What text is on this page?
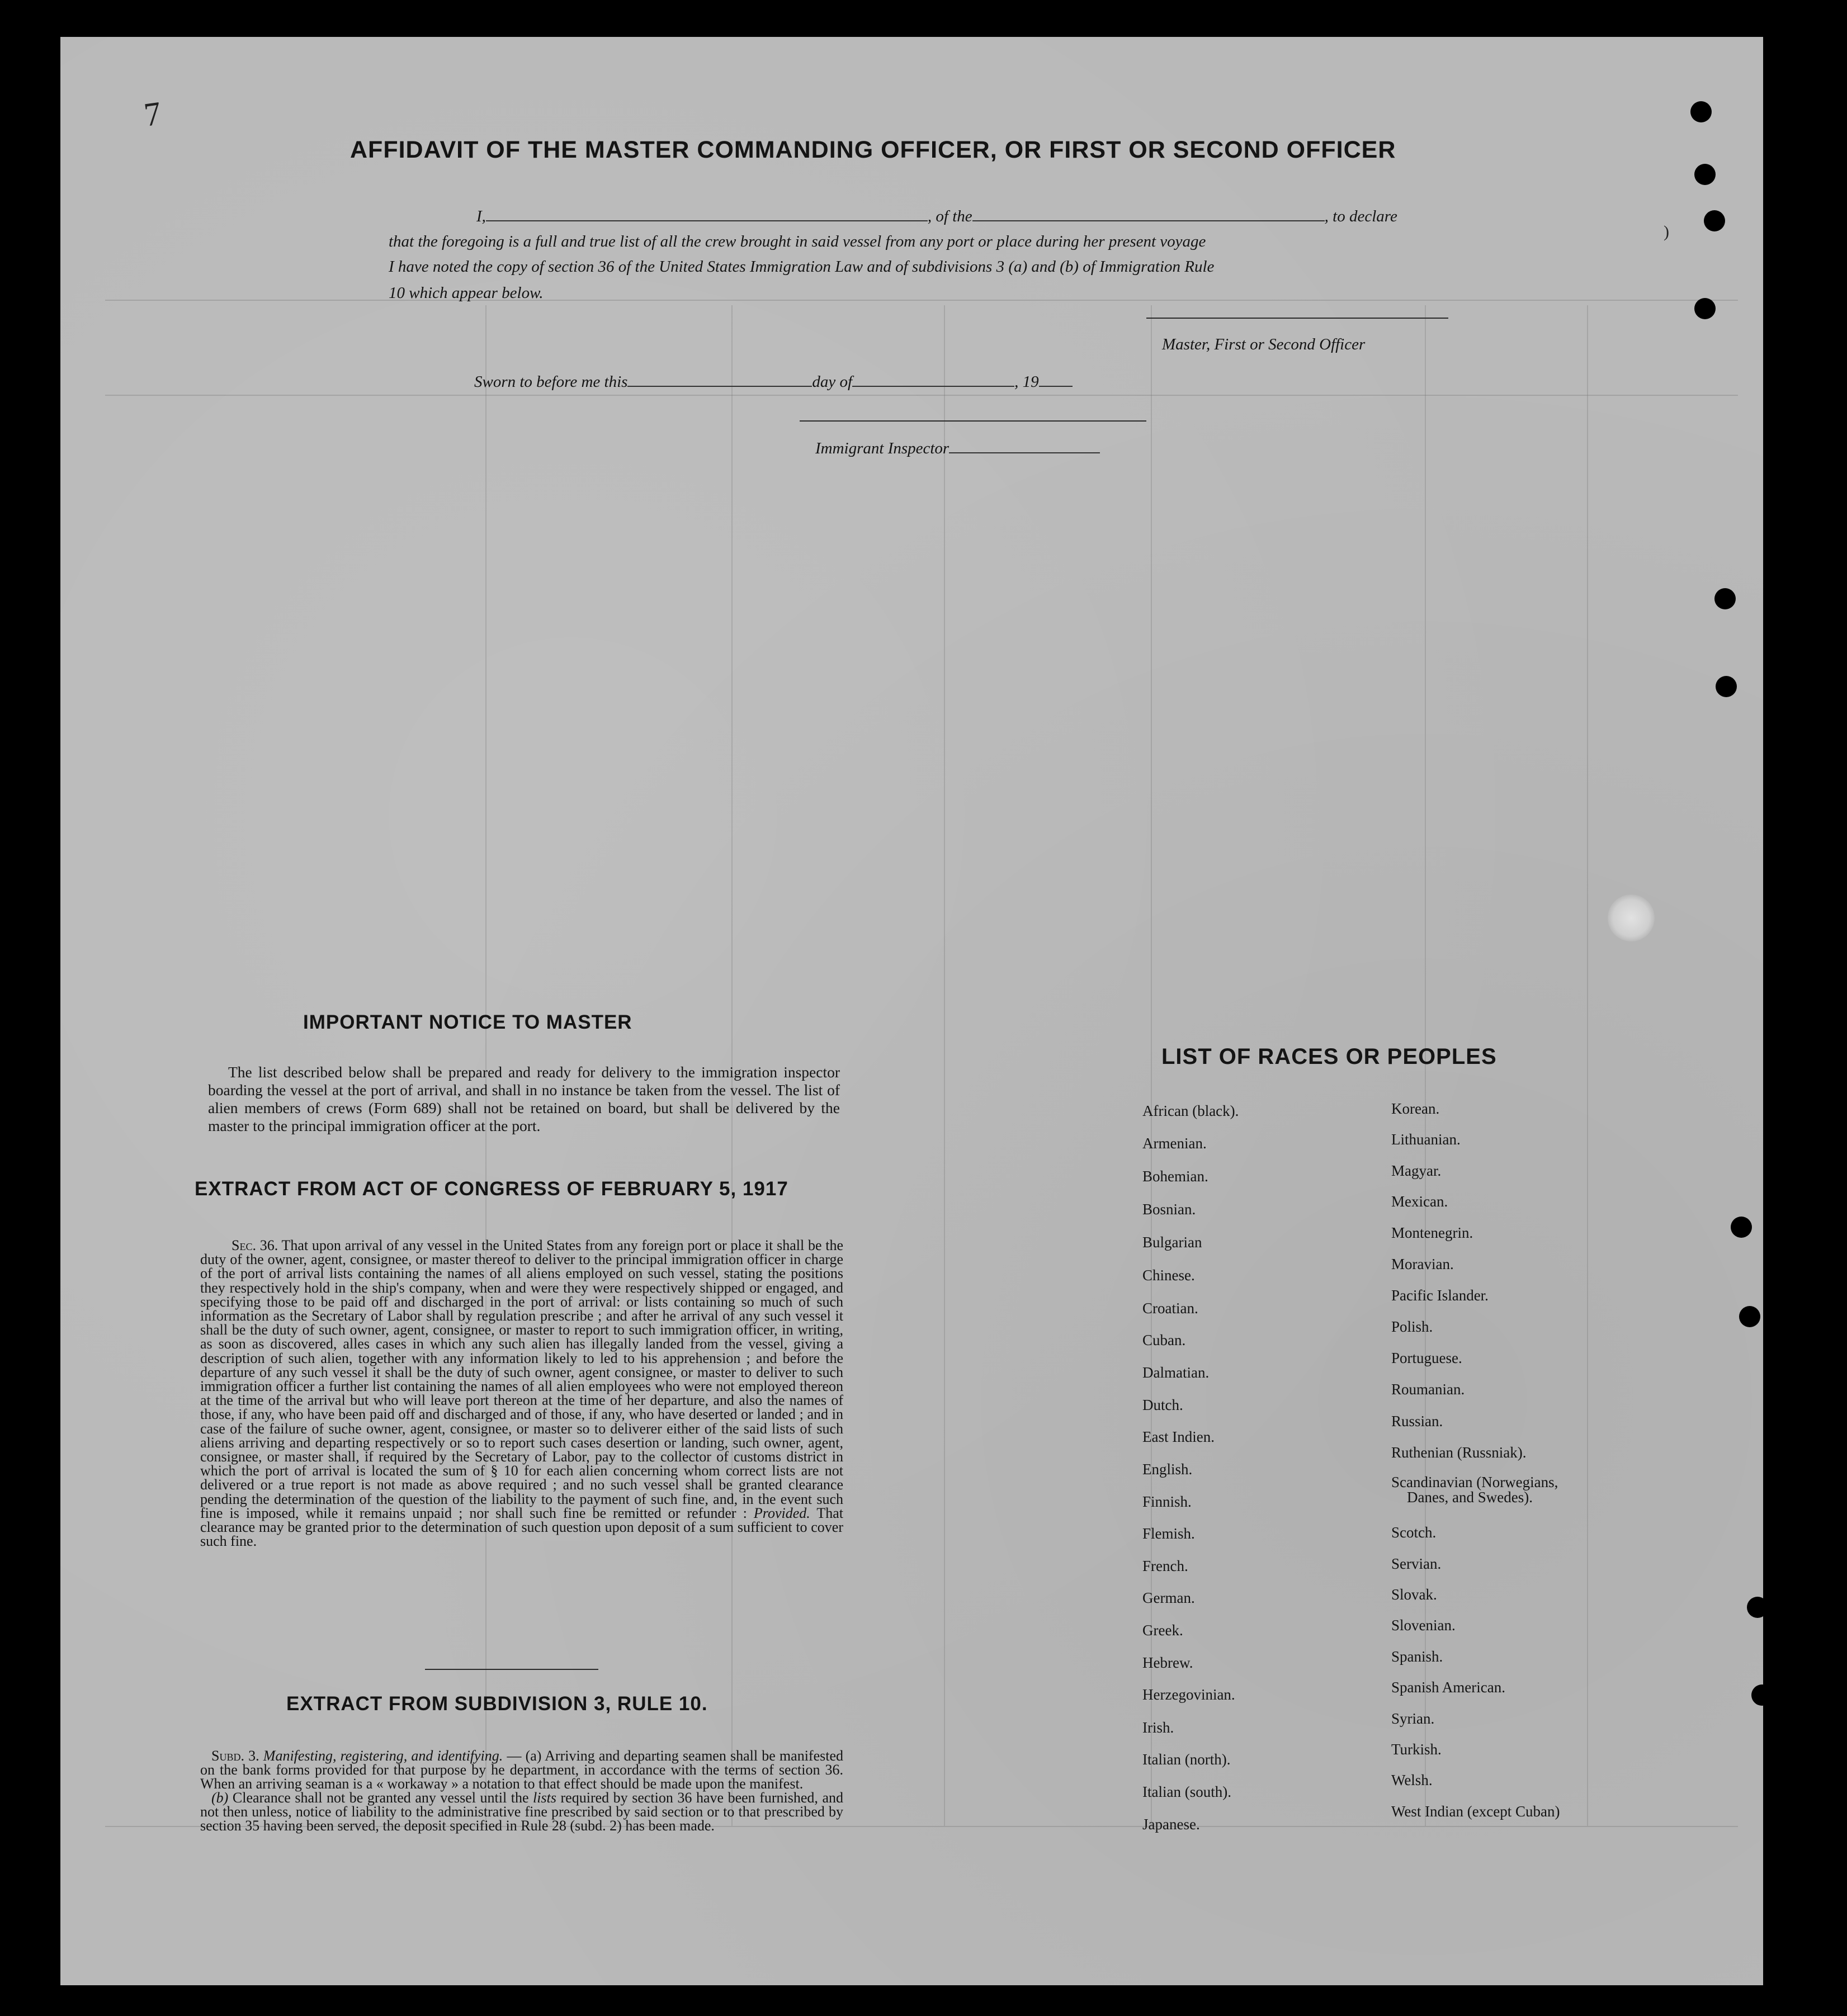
7
)
AFFIDAVIT OF THE MASTER COMMANDING OFFICER, OR FIRST OR SECOND OFFICER
I,	, of the	, to declare
that the foregoing is a full and true list of all the crew brought in said vessel from any port or place during her present voyage
I have noted the copy of section 36 of the United States Immigration Law and of subdivisions 3 (a) and (b) of Immigration Rule
10 which appear below.
Master, First or Second Officer
Sworn to before me this	day of	, 19
Immigrant Inspector
IMPORTANT NOTICE TO MASTER
The list described below shall be prepared and ready for delivery to the immigration inspector boarding the vessel at the port of arrival, and shall in no instance be taken from the vessel. The list of alien members of crews (Form 689) shall not be retained on board, but shall be delivered by the master to the principal immigration officer at the port.
EXTRACT FROM ACT OF CONGRESS OF FEBRUARY 5, 1917
Sec. 36. That upon arrival of any vessel in the United States from any foreign port or place it shall be the duty of the owner, agent, consignee, or master thereof to deliver to the principal immigration officer in charge of the port of arrival lists containing the names of all aliens employed on such vessel, stating the positions they respectively hold in the ship's company, when and were they were respectively shipped or engaged, and specifying those to be paid off and discharged in the port of arrival: or lists containing so much of such information as the Secretary of Labor shall by regulation prescribe ; and after he arrival of any such vessel it shall be the duty of such owner, agent, consignee, or master to report to such immigration officer, in writing, as soon as discovered, alles cases in which any such alien has illegally landed from the vessel, giving a description of such alien, together with any information likely to led to his apprehension ; and before the departure of any such vessel it shall be the duty of such owner, agent consignee, or master to deliver to such immigration officer a further list containing the names of all alien employees who were not employed thereon at the time of the arrival but who will leave port thereon at the time of her departure, and also the names of those, if any, who have been paid off and discharged and of those, if any, who have deserted or landed ; and in case of the failure of suche owner, agent, consignee, or master so to deliverer either of the said lists of such aliens arriving and departing respectively or so to report such cases desertion or landing, such owner, agent, consignee, or master shall, if required by the Secretary of Labor, pay to the collector of customs district in which the port of arrival is located the sum of § 10 for each alien concerning whom correct lists are not delivered or a true report is not made as above required ; and no such vessel shall be granted clearance pending the determination of the question of the liability to the payment of such fine, and, in the event such fine is imposed, while it remains unpaid ; nor shall such fine be remitted or refunder : Provided. That clearance may be granted prior to the determination of such question upon deposit of a sum sufficient to cover such fine.
EXTRACT FROM SUBDIVISION 3, RULE 10.

Subd. 3. Manifesting, registering, and identifying. — (a) Arriving and departing seamen shall be manifested on the bank forms provided for that purpose by he department, in accordance with the terms of section 36. When an arriving seaman is a « workaway » a notation to that effect should be made upon the manifest.

(b) Clearance shall not be granted any vessel until the lists required by section 36 have been furnished, and not then unless, notice of liability to the administrative fine prescribed by said section or to that prescribed by section 35 having been served, the deposit specified in Rule 28 (subd. 2) has been made.

LIST OF RACES OR PEOPLES
African (black).
Armenian.
Bohemian.
Bosnian.
Bulgarian
Chinese.
Croatian.
Cuban.
Dalmatian.
Dutch.
East Indien.
English.
Finnish.
Flemish.
French.
German.
Greek.
Hebrew.
Herzegovinian.
Irish.
Italian (north).
Italian (south).
Japanese.
Korean.
Lithuanian.
Magyar.
Mexican.
Montenegrin.
Moravian.
Pacific Islander.
Polish.
Portuguese.
Roumanian.
Russian.
Ruthenian (Russniak).
Scandinavian (Norwegians,
Danes, and Swedes).
Scotch.
Servian.
Slovak.
Slovenian.
Spanish.
Spanish American.
Syrian.
Turkish.
Welsh.
West Indian (except Cuban)
